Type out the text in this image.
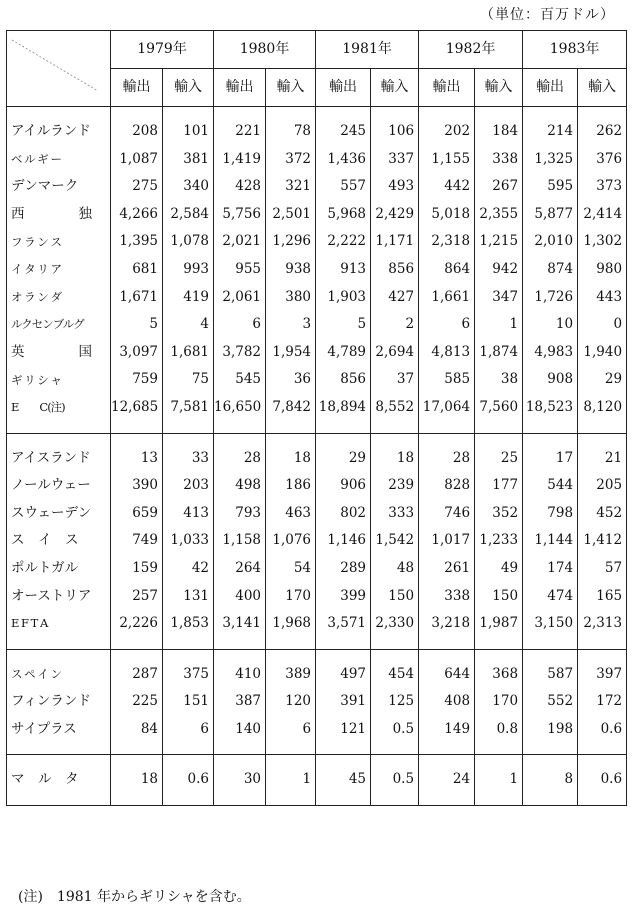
（単位：百万ドル）
	1979年		1980年		1981年		1982年		1983年	
	輸出	輸入	輸出	輸入	輸出	輸入	輸出	輸入	輸出	輸入

アイルランド	208	101	221	78	245	106	202	184	214	262
ベ ル ギ ー	1,087	381	1,419	372	1,436	337	1,155	338	1,325	376
デンマーク	275	340	428	321	557	493	442	267	595	373
西　　　　独	4,266	2,584	5,756	2,501	5,968	2,429	5,018	2,355	5,877	2,414
フ ラ ン ス	1,395	1,078	2,021	1,296	2,222	1,171	2,318	1,215	2,010	1,302
イ タ リ ア	681	993	955	938	913	856	864	942	874	980
オ ラ ン ダ	1,671	419	2,061	380	1,903	427	1,661	347	1,726	443
ルクセンブルグ	5	4	6	3	5	2	6	1	10	0
英　　　　国	3,097	1,681	3,782	1,954	4,789	2,694	4,813	1,874	4,983	1,940
ギ リ シ ャ	759	75	545	36	856	37	585	38	908	29
E　　C(注)	12,685	7,581	16,650	7,842	18,894	8,552	17,064	7,560	18,523	8,120

アイスランド	13	33	28	18	29	18	28	25	17	21
ノールウェー	390	203	498	186	906	239	828	177	544	205
スウェーデン	659	413	793	463	802	333	746	352	798	452
ス　イ　ス	749	1,033	1,158	1,076	1,146	1,542	1,017	1,233	1,144	1,412
ポルトガル	159	42	264	54	289	48	261	49	174	57
オーストリア	257	131	400	170	399	150	338	150	474	165
E F T A	2,226	1,853	3,141	1,968	3,571	2,330	3,218	1,987	3,150	2,313

ス ペ イ ン	287	375	410	389	497	454	644	368	587	397
フィンランド	225	151	387	120	391	125	408	170	552	172
サイプラス	84	6	140	6	121	0.5	149	0.8	198	0.6

マ　ル　タ	18	0.6	30	1	45	0.5	24	1	8	0.6

(注)　1981 年からギリシャを含む。
